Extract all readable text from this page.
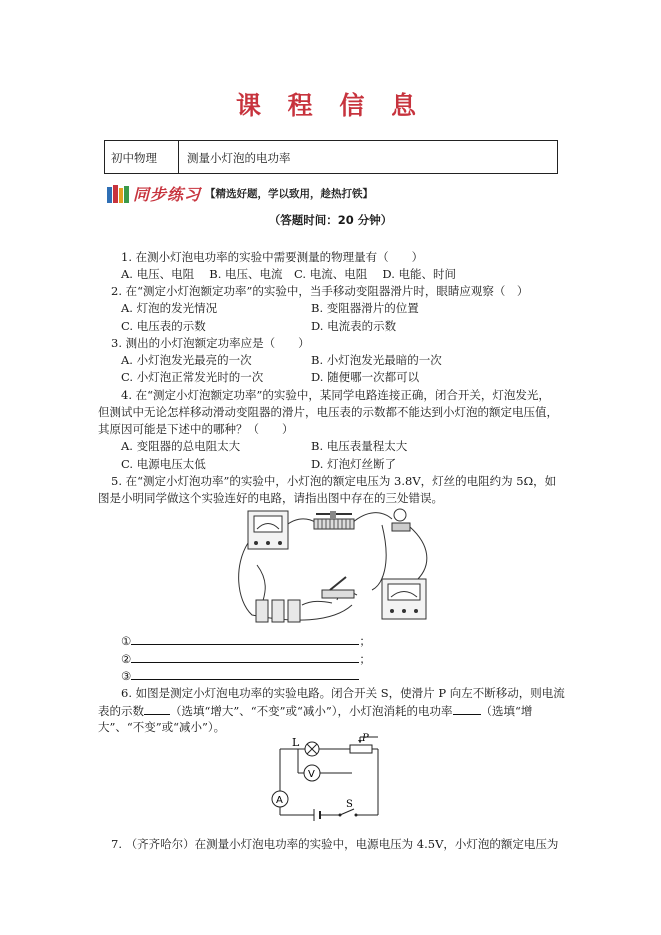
课 程 信 息
初中物理	测量小灯泡的电功率
同步练习 【精选好题，学以致用，趁热打铁】
（答题时间：20 分钟）
1. 在测小灯泡电功率的实验中需要测量的物理量有（　　）
A. 电压、电阻　 B. 电压、电流　C. 电流、电阻　 D. 电能、时间
2. 在“测定小灯泡额定功率”的实验中，当手移动变阻器滑片时，眼睛应观察（　）
A. 灯泡的发光情况	B. 变阻器滑片的位置
C. 电压表的示数	D. 电流表的示数
3. 测出的小灯泡额定功率应是（　　）
A. 小灯泡发光最亮的一次	B. 小灯泡发光最暗的一次
C. 小灯泡正常发光时的一次	D. 随便哪一次都可以
4. 在“测定小灯泡额定功率”的实验中，某同学电路连接正确，闭合开关，灯泡发光，
但测试中无论怎样移动滑动变阻器的滑片，电压表的示数都不能达到小灯泡的额定电压值，
其原因可能是下述中的哪种？（　　）
A. 变阻器的总电阻太大	B. 电压表量程太大
C. 电源电压太低	D. 灯泡灯丝断了
5. 在“测定小灯泡功率”的实验中，小灯泡的额定电压为 3.8V，灯丝的电阻约为 5Ω，如
图是小明同学做这个实验连好的电路，请指出图中存在的三处错误。
①	；
②	；
③
6. 如图是测定小灯泡电功率的实验电路。闭合开关 S，使滑片 P 向左不断移动，则电流
表的示数 （选填“增大”、“不变”或“减小”），小灯泡消耗的电功率 （选填“增
大”、“不变”或“减小”）。
L	P
V
A	S
7. （齐齐哈尔）在测量小灯泡电功率的实验中，电源电压为 4.5V，小灯泡的额定电压为
